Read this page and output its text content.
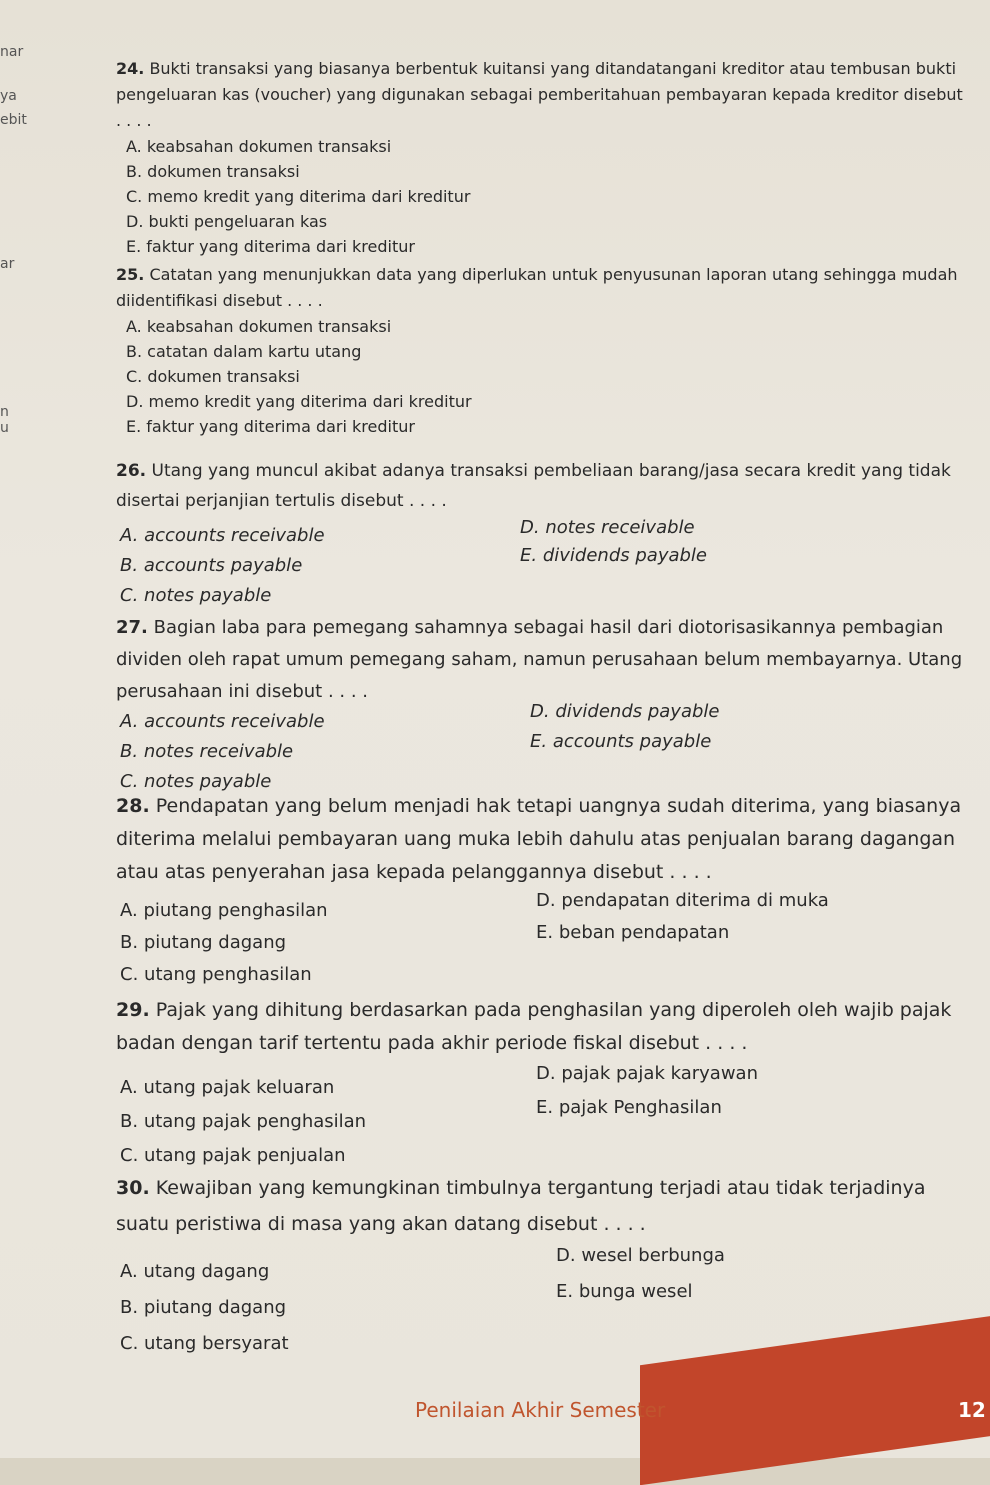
nar
ya
ebit
ar
n
u
24. Bukti transaksi yang biasanya berbentuk kuitansi yang ditandatangani kreditor atau tembusan bukti pengeluaran kas (voucher) yang digunakan sebagai pemberitahuan pembayaran kepada kreditor disebut . . . .
A. keabsahan dokumen transaksi
B. dokumen transaksi
C. memo kredit yang diterima dari kreditur
D. bukti pengeluaran kas
E. faktur yang diterima dari kreditur
25. Catatan yang menunjukkan data yang diperlukan untuk penyusunan laporan utang sehingga mudah diidentifikasi disebut . . . .
A. keabsahan dokumen transaksi
B. catatan dalam kartu utang
C. dokumen transaksi
D. memo kredit yang diterima dari kreditur
E. faktur yang diterima dari kreditur
26. Utang yang muncul akibat adanya transaksi pembeliaan barang/jasa secara kredit yang tidak disertai perjanjian tertulis disebut . . . .
A. accounts receivable
B. accounts payable
C. notes payable
D. notes receivable
E. dividends payable
27. Bagian laba para pemegang sahamnya sebagai hasil dari diotorisasikannya pembagian dividen oleh rapat umum pemegang saham, namun perusahaan belum membayarnya. Utang perusahaan ini disebut . . . .
A. accounts receivable
B. notes receivable
C. notes payable
D. dividends payable
E. accounts payable
28. Pendapatan yang belum menjadi hak tetapi uangnya sudah diterima, yang biasanya diterima melalui pembayaran uang muka lebih dahulu atas penjualan barang dagangan atau atas penyerahan jasa kepada pelanggannya disebut . . . .
A. piutang penghasilan
B. piutang dagang
C. utang penghasilan
D. pendapatan diterima di muka
E. beban pendapatan
29. Pajak yang dihitung berdasarkan pada penghasilan yang diperoleh oleh wajib pajak badan dengan tarif tertentu pada akhir periode fiskal disebut . . . .
A. utang pajak keluaran
B. utang pajak penghasilan
C. utang pajak penjualan
D. pajak pajak karyawan
E. pajak Penghasilan
30. Kewajiban yang kemungkinan timbulnya tergantung terjadi atau tidak terjadinya suatu peristiwa di masa yang akan datang disebut . . . .
A. utang dagang
B. piutang dagang
C. utang bersyarat
D. wesel berbunga
E. bunga wesel
Penilaian Akhir Semester	12
